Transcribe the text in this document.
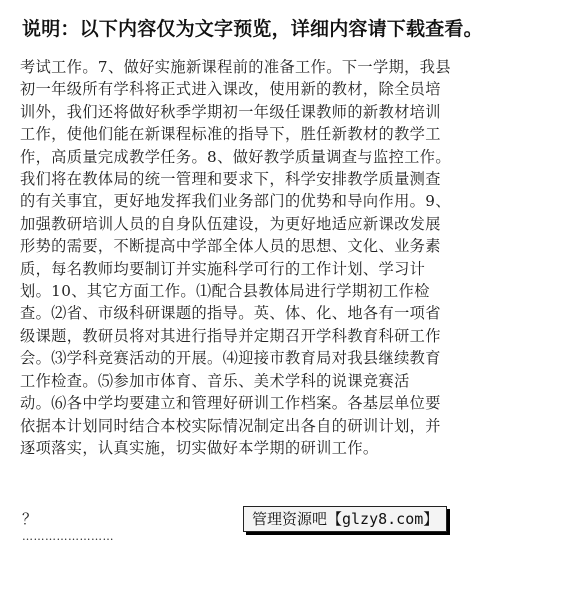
说明：以下内容仅为文字预览，详细内容请下载查看。
考试工作。7、做好实施新课程前的准备工作。下一学期，我县
初一年级所有学科将正式进入课改，使用新的教材，除全员培
训外，我们还将做好秋季学期初一年级任课教师的新教材培训
工作，使他们能在新课程标准的指导下，胜任新教材的教学工
作，高质量完成教学任务。8、做好教学质量调查与监控工作。
我们将在教体局的统一管理和要求下，科学安排教学质量测查
的有关事宜，更好地发挥我们业务部门的优势和导向作用。9、
加强教研培训人员的自身队伍建设，为更好地适应新课改发展
形势的需要，不断提高中学部全体人员的思想、文化、业务素
质，每名教师均要制订并实施科学可行的工作计划、学习计
划。10、其它方面工作。⑴配合县教体局进行学期初工作检
查。⑵省、市级科研课题的指导。英、体、化、地各有一项省
级课题，教研员将对其进行指导并定期召开学科教育科研工作
会。⑶学科竞赛活动的开展。⑷迎接市教育局对我县继续教育
工作检查。⑸参加市体育、音乐、美术学科的说课竞赛活
动。⑹各中学均要建立和管理好研训工作档案。各基层单位要
依据本计划同时结合本校实际情况制定出各自的研训计划，并
逐项落实，认真实施，切实做好本学期的研训工作。
？
……………………
管理资源吧【glzy8.com】
